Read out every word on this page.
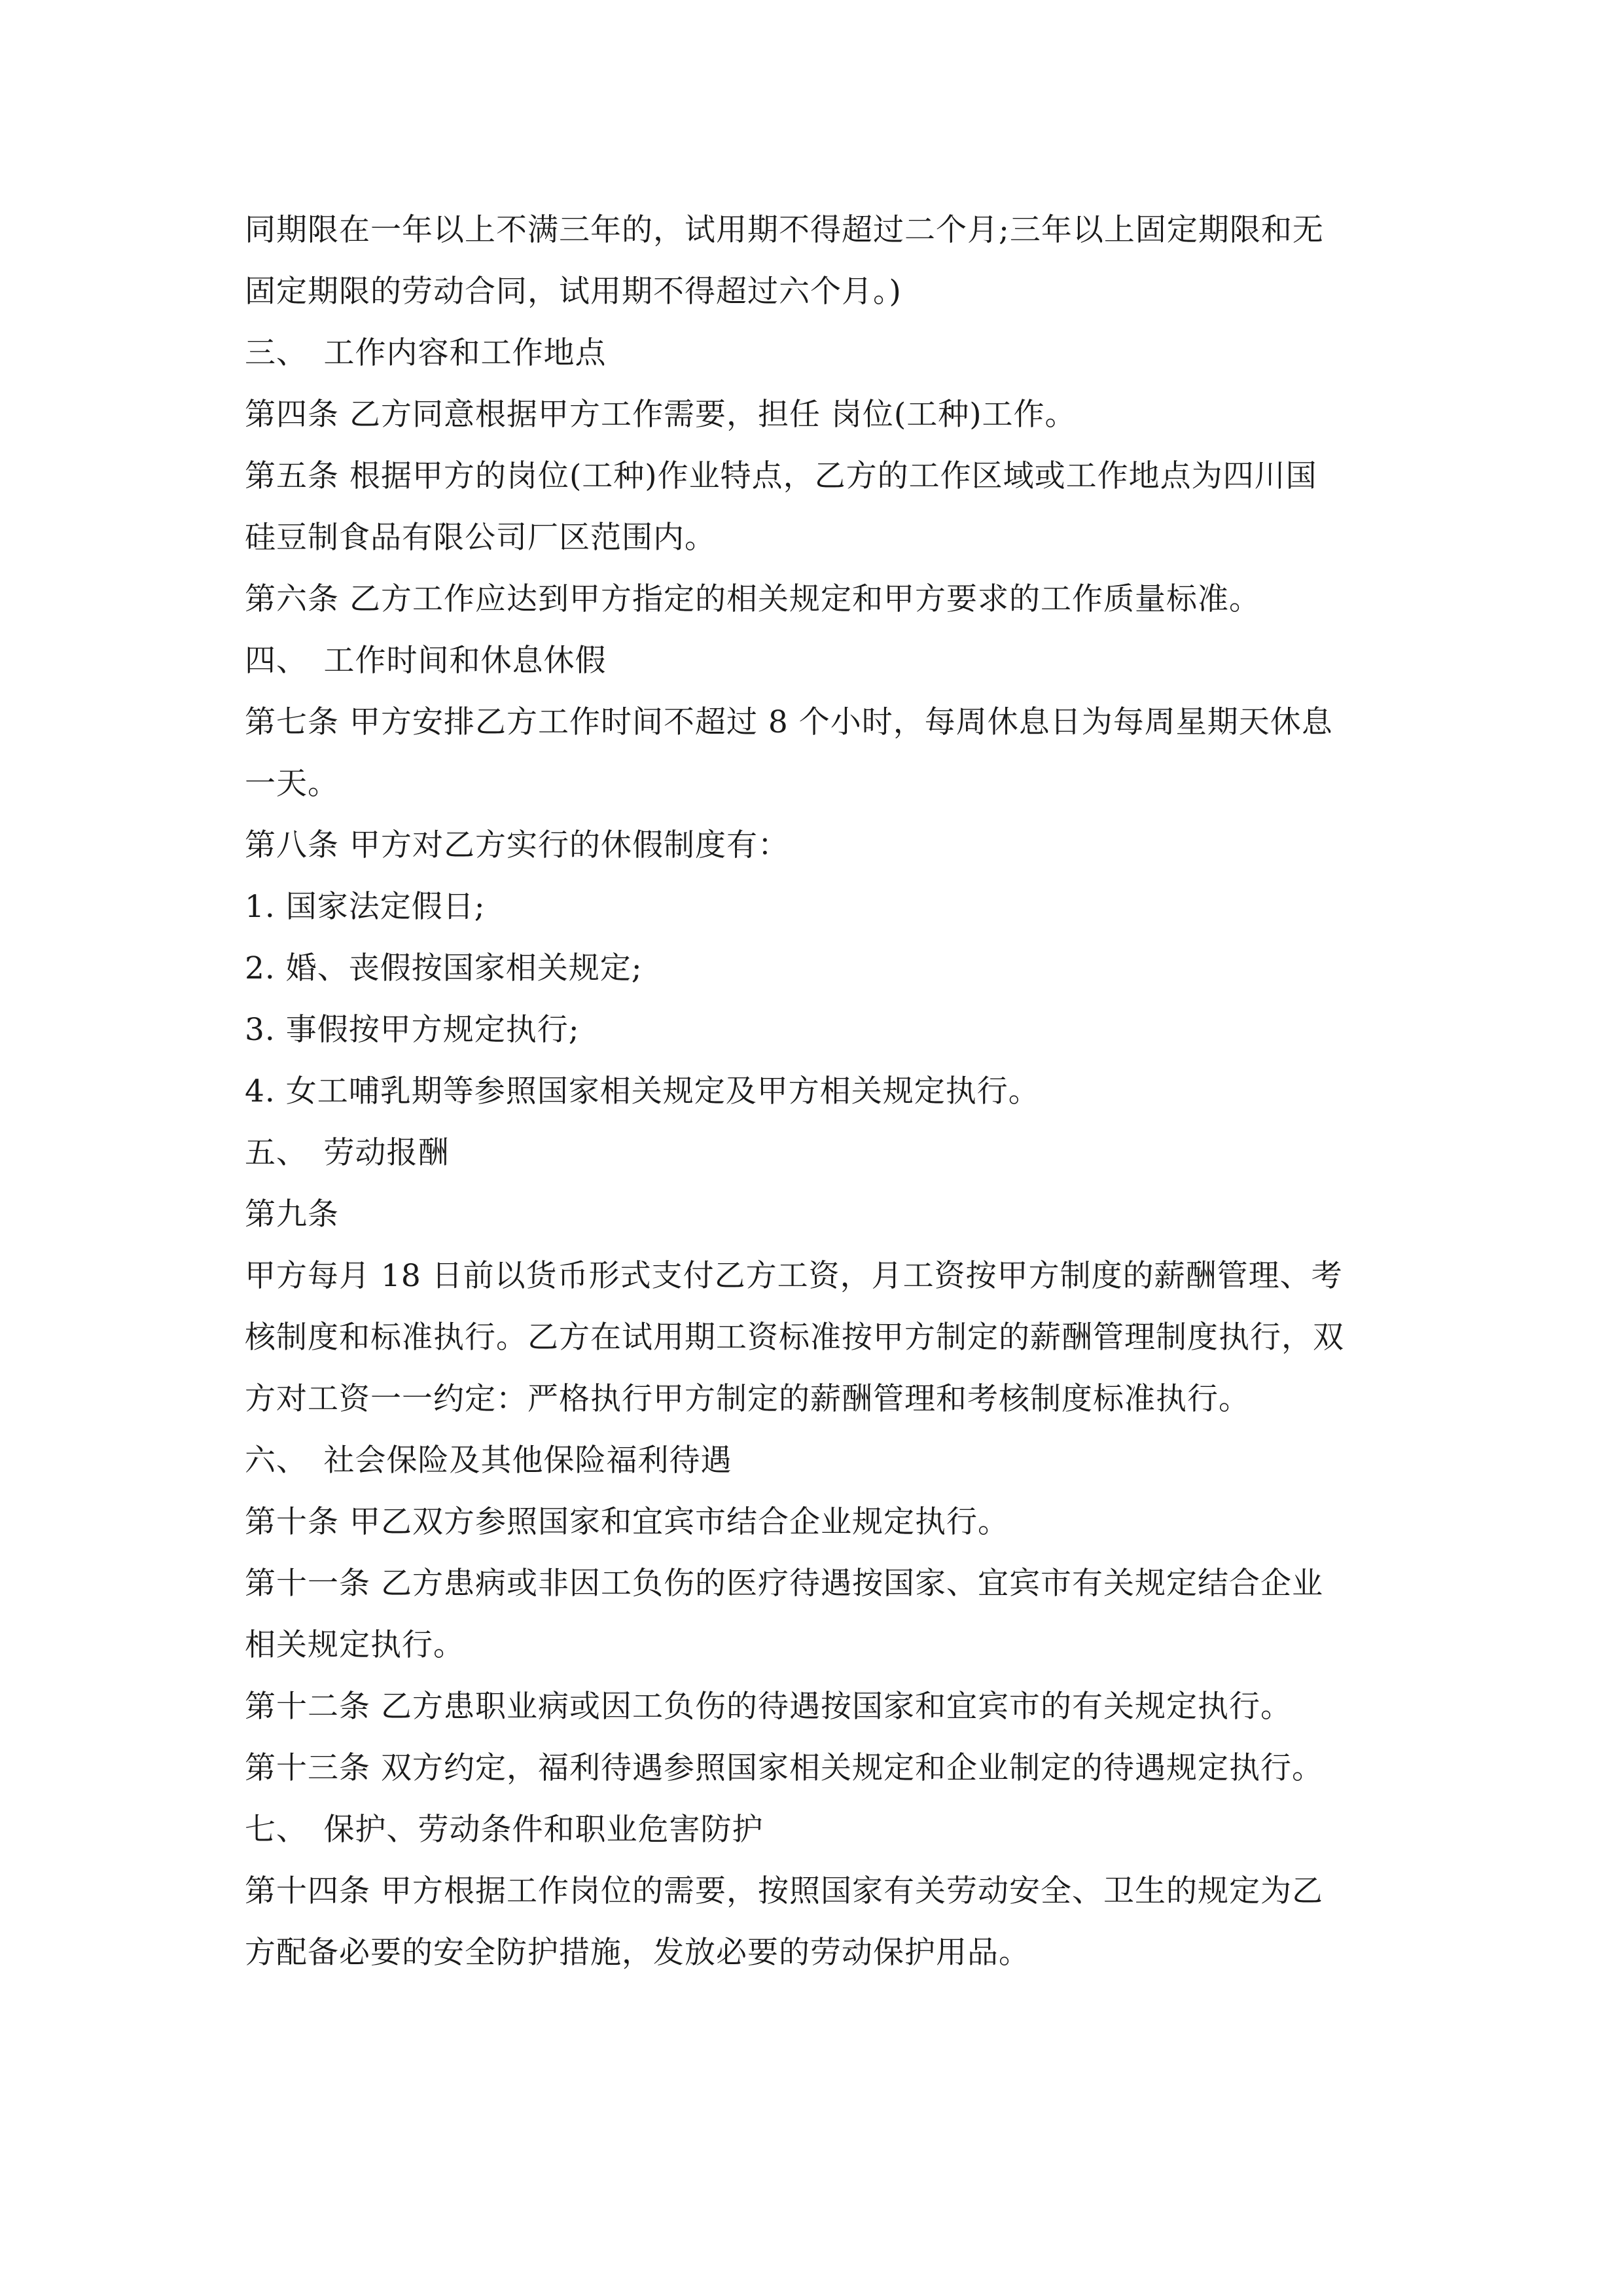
同期限在一年以上不满三年的，试用期不得超过二个月;三年以上固定期限和无
固定期限的劳动合同，试用期不得超过六个月。)
三、　工作内容和工作地点
第四条 乙方同意根据甲方工作需要，担任 岗位(工种)工作。
第五条 根据甲方的岗位(工种)作业特点，乙方的工作区域或工作地点为四川国
硅豆制食品有限公司厂区范围内。
第六条 乙方工作应达到甲方指定的相关规定和甲方要求的工作质量标准。
四、　工作时间和休息休假
第七条 甲方安排乙方工作时间不超过 8 个小时，每周休息日为每周星期天休息
一天。
第八条 甲方对乙方实行的休假制度有：
1. 国家法定假日;
2. 婚、丧假按国家相关规定;
3. 事假按甲方规定执行;
4. 女工哺乳期等参照国家相关规定及甲方相关规定执行。
五、　劳动报酬
第九条
甲方每月 18 日前以货币形式支付乙方工资，月工资按甲方制度的薪酬管理、考
核制度和标准执行。乙方在试用期工资标准按甲方制定的薪酬管理制度执行，双
方对工资一一约定：严格执行甲方制定的薪酬管理和考核制度标准执行。
六、　社会保险及其他保险福利待遇
第十条 甲乙双方参照国家和宜宾市结合企业规定执行。
第十一条 乙方患病或非因工负伤的医疗待遇按国家、宜宾市有关规定结合企业
相关规定执行。
第十二条 乙方患职业病或因工负伤的待遇按国家和宜宾市的有关规定执行。
第十三条 双方约定，福利待遇参照国家相关规定和企业制定的待遇规定执行。
七、　保护、劳动条件和职业危害防护
第十四条 甲方根据工作岗位的需要，按照国家有关劳动安全、卫生的规定为乙
方配备必要的安全防护措施，发放必要的劳动保护用品。
